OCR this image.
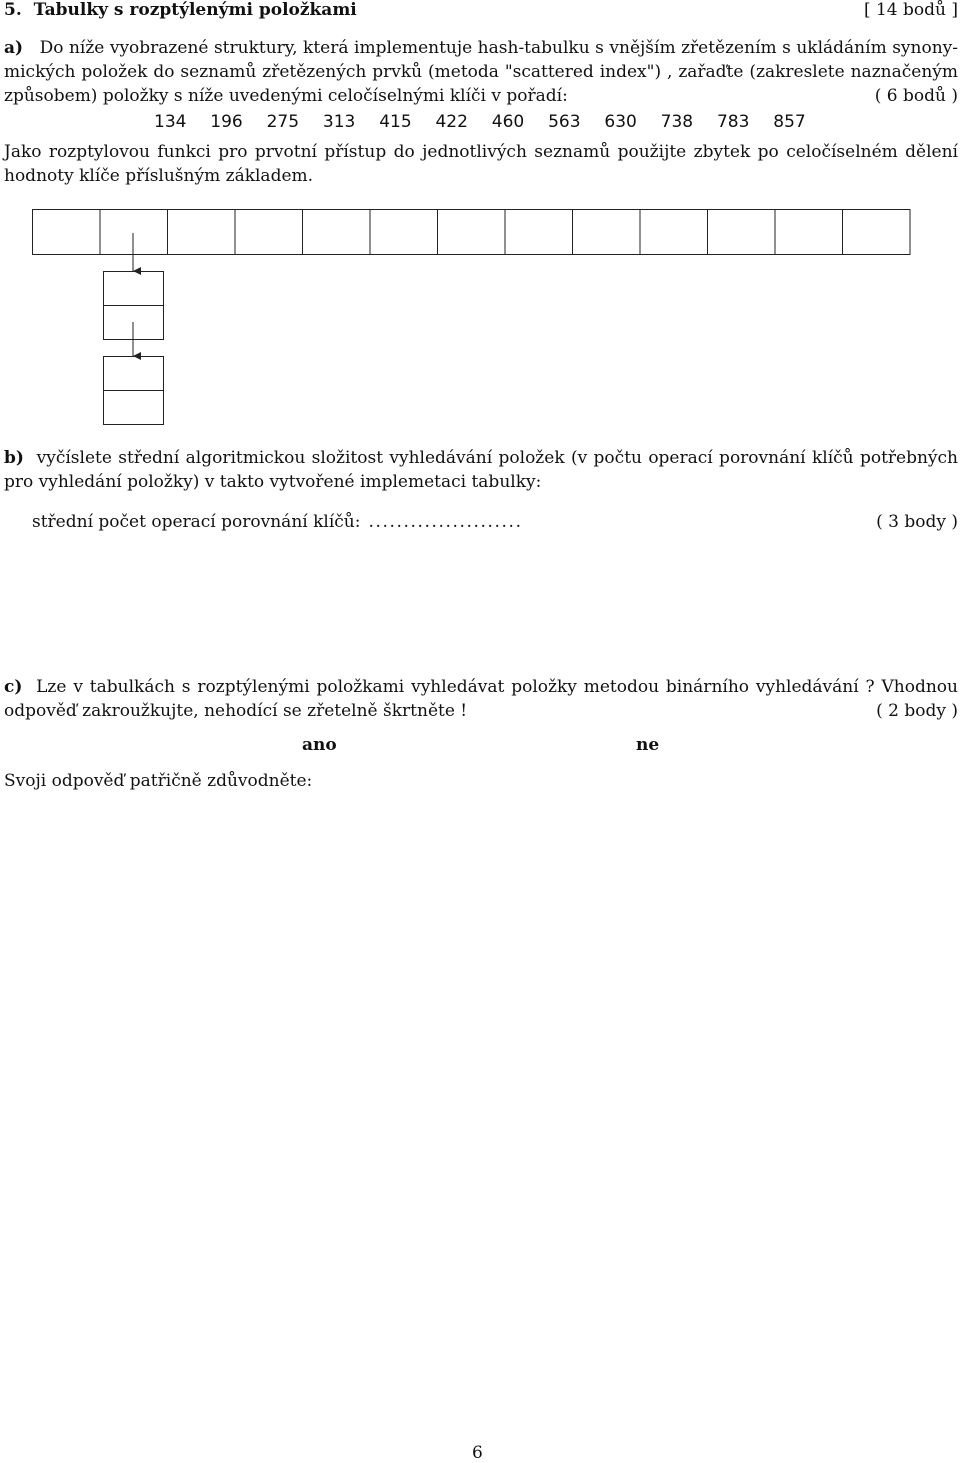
5. Tabulky s rozptýlenými položkami	[ 14 bodů ]
a) Do níže vyobrazené struktury, která implementuje hash-tabulku s vnějším zřetězením s ukládáním synony-
mických položek do seznamů zřetězených prvků (metoda "scattered index") , zařaďte (zakreslete naznačeným
způsobem) položky s níže uvedenými celočíselnými klíči v pořadí:	( 6 bodů )
134 196 275 313 415 422 460 563 630 738 783 857
Jako rozptylovou funkci pro prvotní přístup do jednotlivých seznamů použijte zbytek po celočíselném dělení
hodnoty klíče příslušným základem.
b) vyčíslete střední algoritmickou složitost vyhledávání položek (v počtu operací porovnání klíčů potřebných
pro vyhledání položky) v takto vytvořené implemetaci tabulky:
střední počet operací porovnání klíčů: ......................	( 3 body )
c) Lze v tabulkách s rozptýlenými položkami vyhledávat položky metodou binárního vyhledávání ? Vhodnou
odpověď zakroužkujte, nehodící se zřetelně škrtněte !	( 2 body )
ano	ne
Svoji odpověď patřičně zdůvodněte:
6
